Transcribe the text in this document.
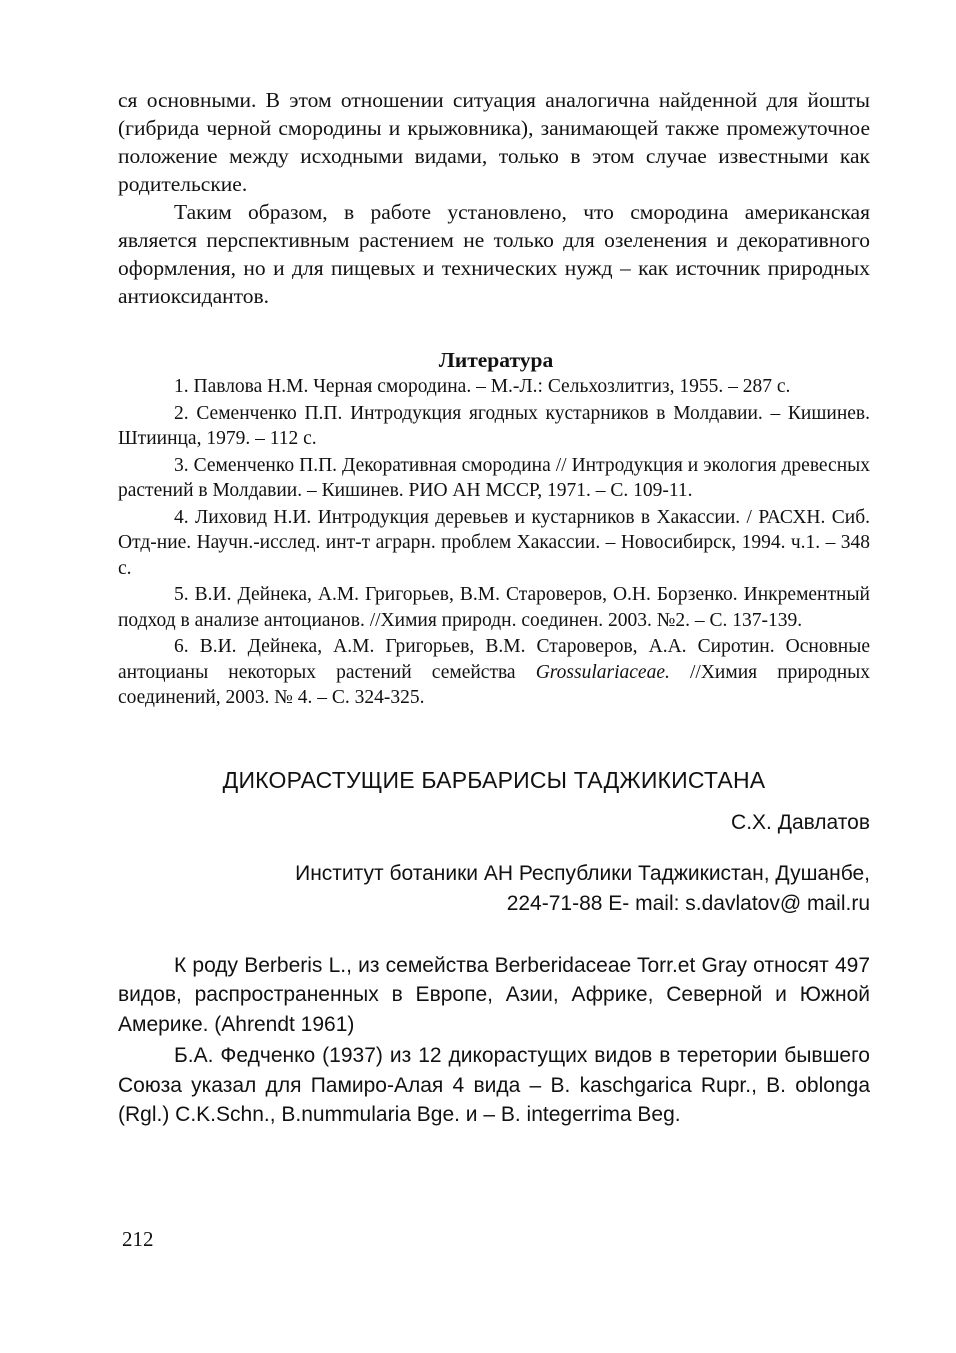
ся основными. В этом отношении ситуация аналогична найденной для йошты (гибрида черной смородины и крыжовника), занимающей также промежуточное положение между исходными видами, только в этом случае известными как родительские.

Таким образом, в работе установлено, что смородина американская является перспективным растением не только для озеленения и декоративного оформления, но и для пищевых и технических нужд – как источник природных антиоксидантов.

Литература

1. Павлова Н.М. Черная смородина. – М.-Л.: Сельхозлитгиз, 1955. – 287 с.

2. Семенченко П.П. Интродукция ягодных кустарников в Молдавии. – Кишинев. Штиинца, 1979. – 112 с.

3. Семенченко П.П. Декоративная смородина // Интродукция и экология древесных растений в Молдавии. – Кишинев. РИО АН МССР, 1971. – С. 109-11.

4. Лиховид Н.И. Интродукция деревьев и кустарников в Хакассии. / РАСХН. Сиб. Отд-ние. Научн.-исслед. инт-т аграрн. проблем Хакассии. – Новосибирск, 1994. ч.1. – 348 с.

5. В.И. Дейнека, А.М. Григорьев, В.М. Староверов, О.Н. Борзенко. Инкрементный подход в анализе антоцианов. //Химия природн. соединен. 2003. №2. – С. 137-139.

6. В.И. Дейнека, А.М. Григорьев, В.М. Староверов, А.А. Сиротин. Основные антоцианы некоторых растений семейства Grossulariaceae. //Химия природных соединений, 2003. № 4. – С. 324-325.

ДИКОРАСТУЩИЕ БАРБАРИСЫ ТАДЖИКИСТАНА
С.Х. Давлатов
Институт ботаники АН Республики Таджикистан, Душанбе,
224-71-88 E- mail: s.davlatov@ mail.ru

К роду Berberis L., из семейства Berberidaceae Torr.et Gray относят 497 видов, распространенных в Европе, Азии, Африке, Северной и Южной Америке. (Ahrendt 1961)

Б.А. Федченко (1937) из 12 дикорастущих видов в теретории бывшего Союза указал для Памиро-Алая 4 вида – B. kaschgarica Rupr., B. oblonga (Rgl.) C.K.Schn., B.nummularia Bge. и – B. integerrima Beg.

212
